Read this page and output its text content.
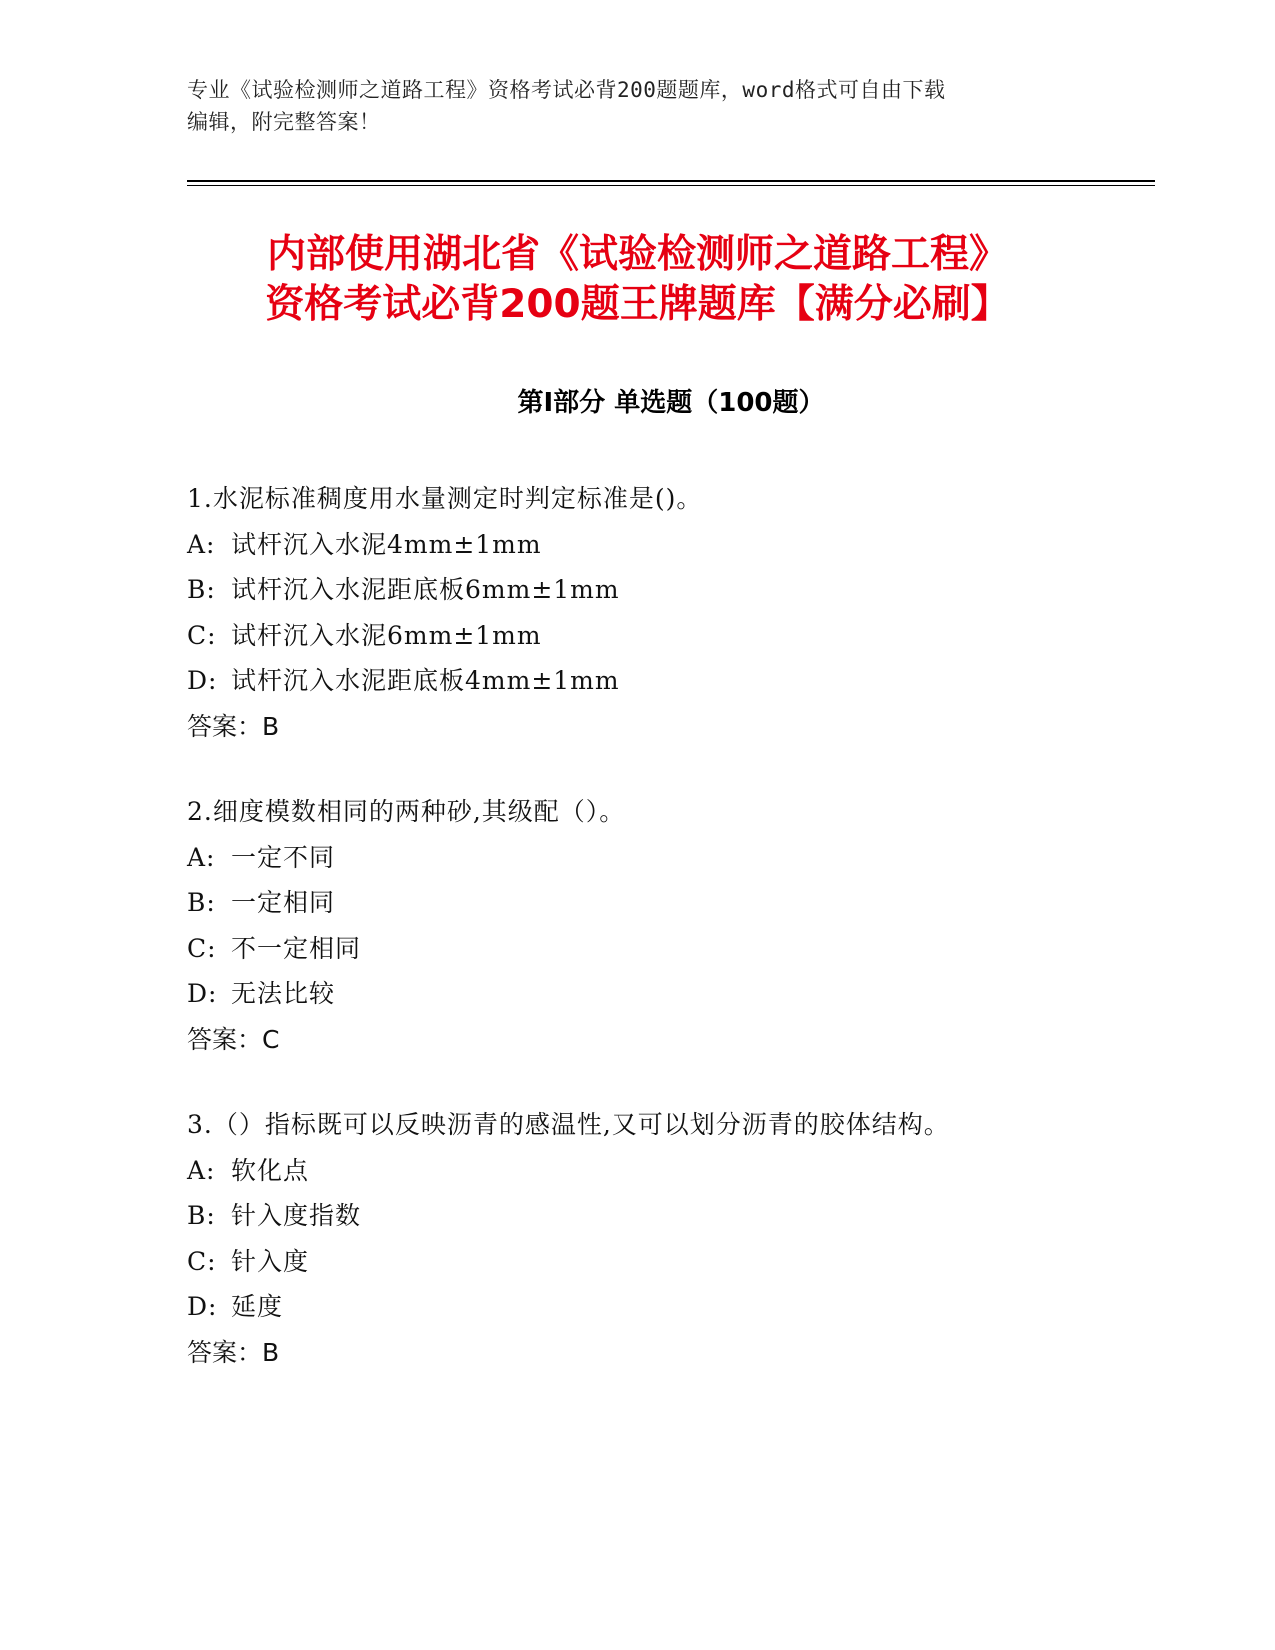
专业《试验检测师之道路工程》资格考试必背200题题库，word格式可自由下载
编辑，附完整答案！
内部使用湖北省《试验检测师之道路工程》
资格考试必背200题王牌题库【满分必刷】
第I部分 单选题（100题）
1.水泥标准稠度用水量测定时判定标准是()。
A: 试杆沉入水泥4mm±1mm
B: 试杆沉入水泥距底板6mm±1mm
C: 试杆沉入水泥6mm±1mm
D: 试杆沉入水泥距底板4mm±1mm
答案：B
2.细度模数相同的两种砂,其级配（）。
A: 一定不同
B: 一定相同
C: 不一定相同
D: 无法比较
答案：C
3.（）指标既可以反映沥青的感温性,又可以划分沥青的胶体结构。
A: 软化点
B: 针入度指数
C: 针入度
D: 延度
答案：B
